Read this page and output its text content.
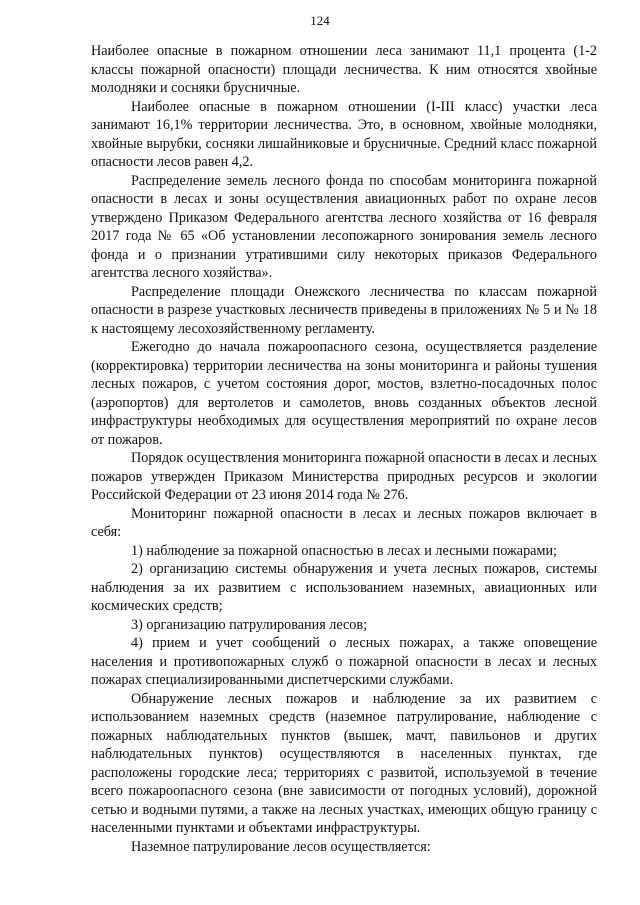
124

Наиболее опасные в пожарном отношении леса занимают 11,1 процента (1-2 классы пожарной опасности) площади лесничества. К ним относятся хвойные молодняки и сосняки брусничные.

Наиболее опасные в пожарном отношении (I-III класс) участки леса занимают 16,1% территории лесничества. Это, в основном, хвойные молодняки, хвойные вырубки, сосняки лишайниковые и брусничные. Средний класс пожарной опасности лесов равен 4,2.

Распределение земель лесного фонда по способам мониторинга пожарной опасности в лесах и зоны осуществления авиационных работ по охране лесов утверждено Приказом Федерального агентства лесного хозяйства от 16 февраля 2017 года № 65 «Об установлении лесопожарного зонирования земель лесного фонда и о признании утратившими силу некоторых приказов Федерального агентства лесного хозяйства».

Распределение площади Онежского лесничества по классам пожарной опасности в разрезе участковых лесничеств приведены в приложениях № 5 и № 18 к настоящему лесохозяйственному регламенту.

Ежегодно до начала пожароопасного сезона, осуществляется разделение (корректировка) территории лесничества на зоны мониторинга и районы тушения лесных пожаров, с учетом состояния дорог, мостов, взлетно-посадочных полос (аэропортов) для вертолетов и самолетов, вновь созданных объектов лесной инфраструктуры необходимых для осуществления мероприятий по охране лесов от пожаров.

Порядок осуществления мониторинга пожарной опасности в лесах и лесных пожаров утвержден Приказом Министерства природных ресурсов и экологии Российской Федерации от 23 июня 2014 года № 276.

Мониторинг пожарной опасности в лесах и лесных пожаров включает в себя:

1) наблюдение за пожарной опасностью в лесах и лесными пожарами;

2) организацию системы обнаружения и учета лесных пожаров, системы наблюдения за их развитием с использованием наземных, авиационных или космических средств;

3) организацию патрулирования лесов;

4) прием и учет сообщений о лесных пожарах, а также оповещение населения и противопожарных служб о пожарной опасности в лесах и лесных пожарах специализированными диспетчерскими службами.

Обнаружение лесных пожаров и наблюдение за их развитием с использованием наземных средств (наземное патрулирование, наблюдение с пожарных наблюдательных пунктов (вышек, мачт, павильонов и других наблюдательных пунктов) осуществляются в населенных пунктах, где расположены городские леса; территориях с развитой, используемой в течение всего пожароопасного сезона (вне зависимости от погодных условий), дорожной сетью и водными путями, а также на лесных участках, имеющих общую границу с населенными пунктами и объектами инфраструктуры.

Наземное патрулирование лесов осуществляется:
